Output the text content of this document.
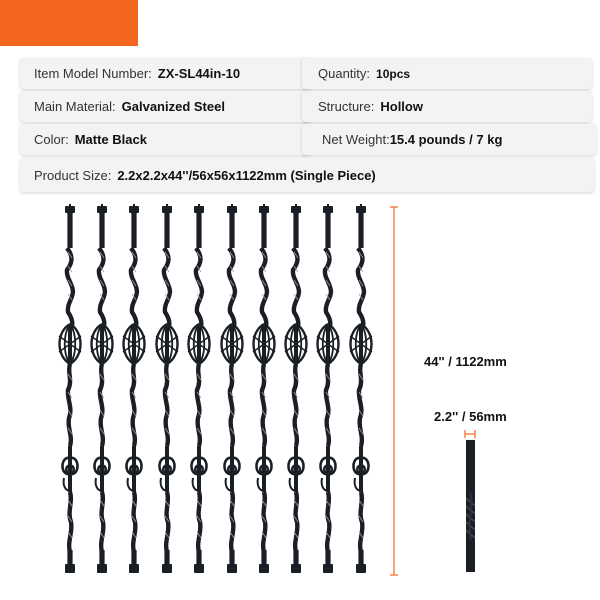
Item Model Number: ZX-SL44in-10	Quantity: 10pcs
Main Material: Galvanized Steel	Structure: Hollow
Color: Matte Black	Net Weight: 15.4 pounds / 7 kg
Product Size: 2.2x2.2x44''/56x56x1122mm (Single Piece)
44'' / 1122mm
2.2'' / 56mm
